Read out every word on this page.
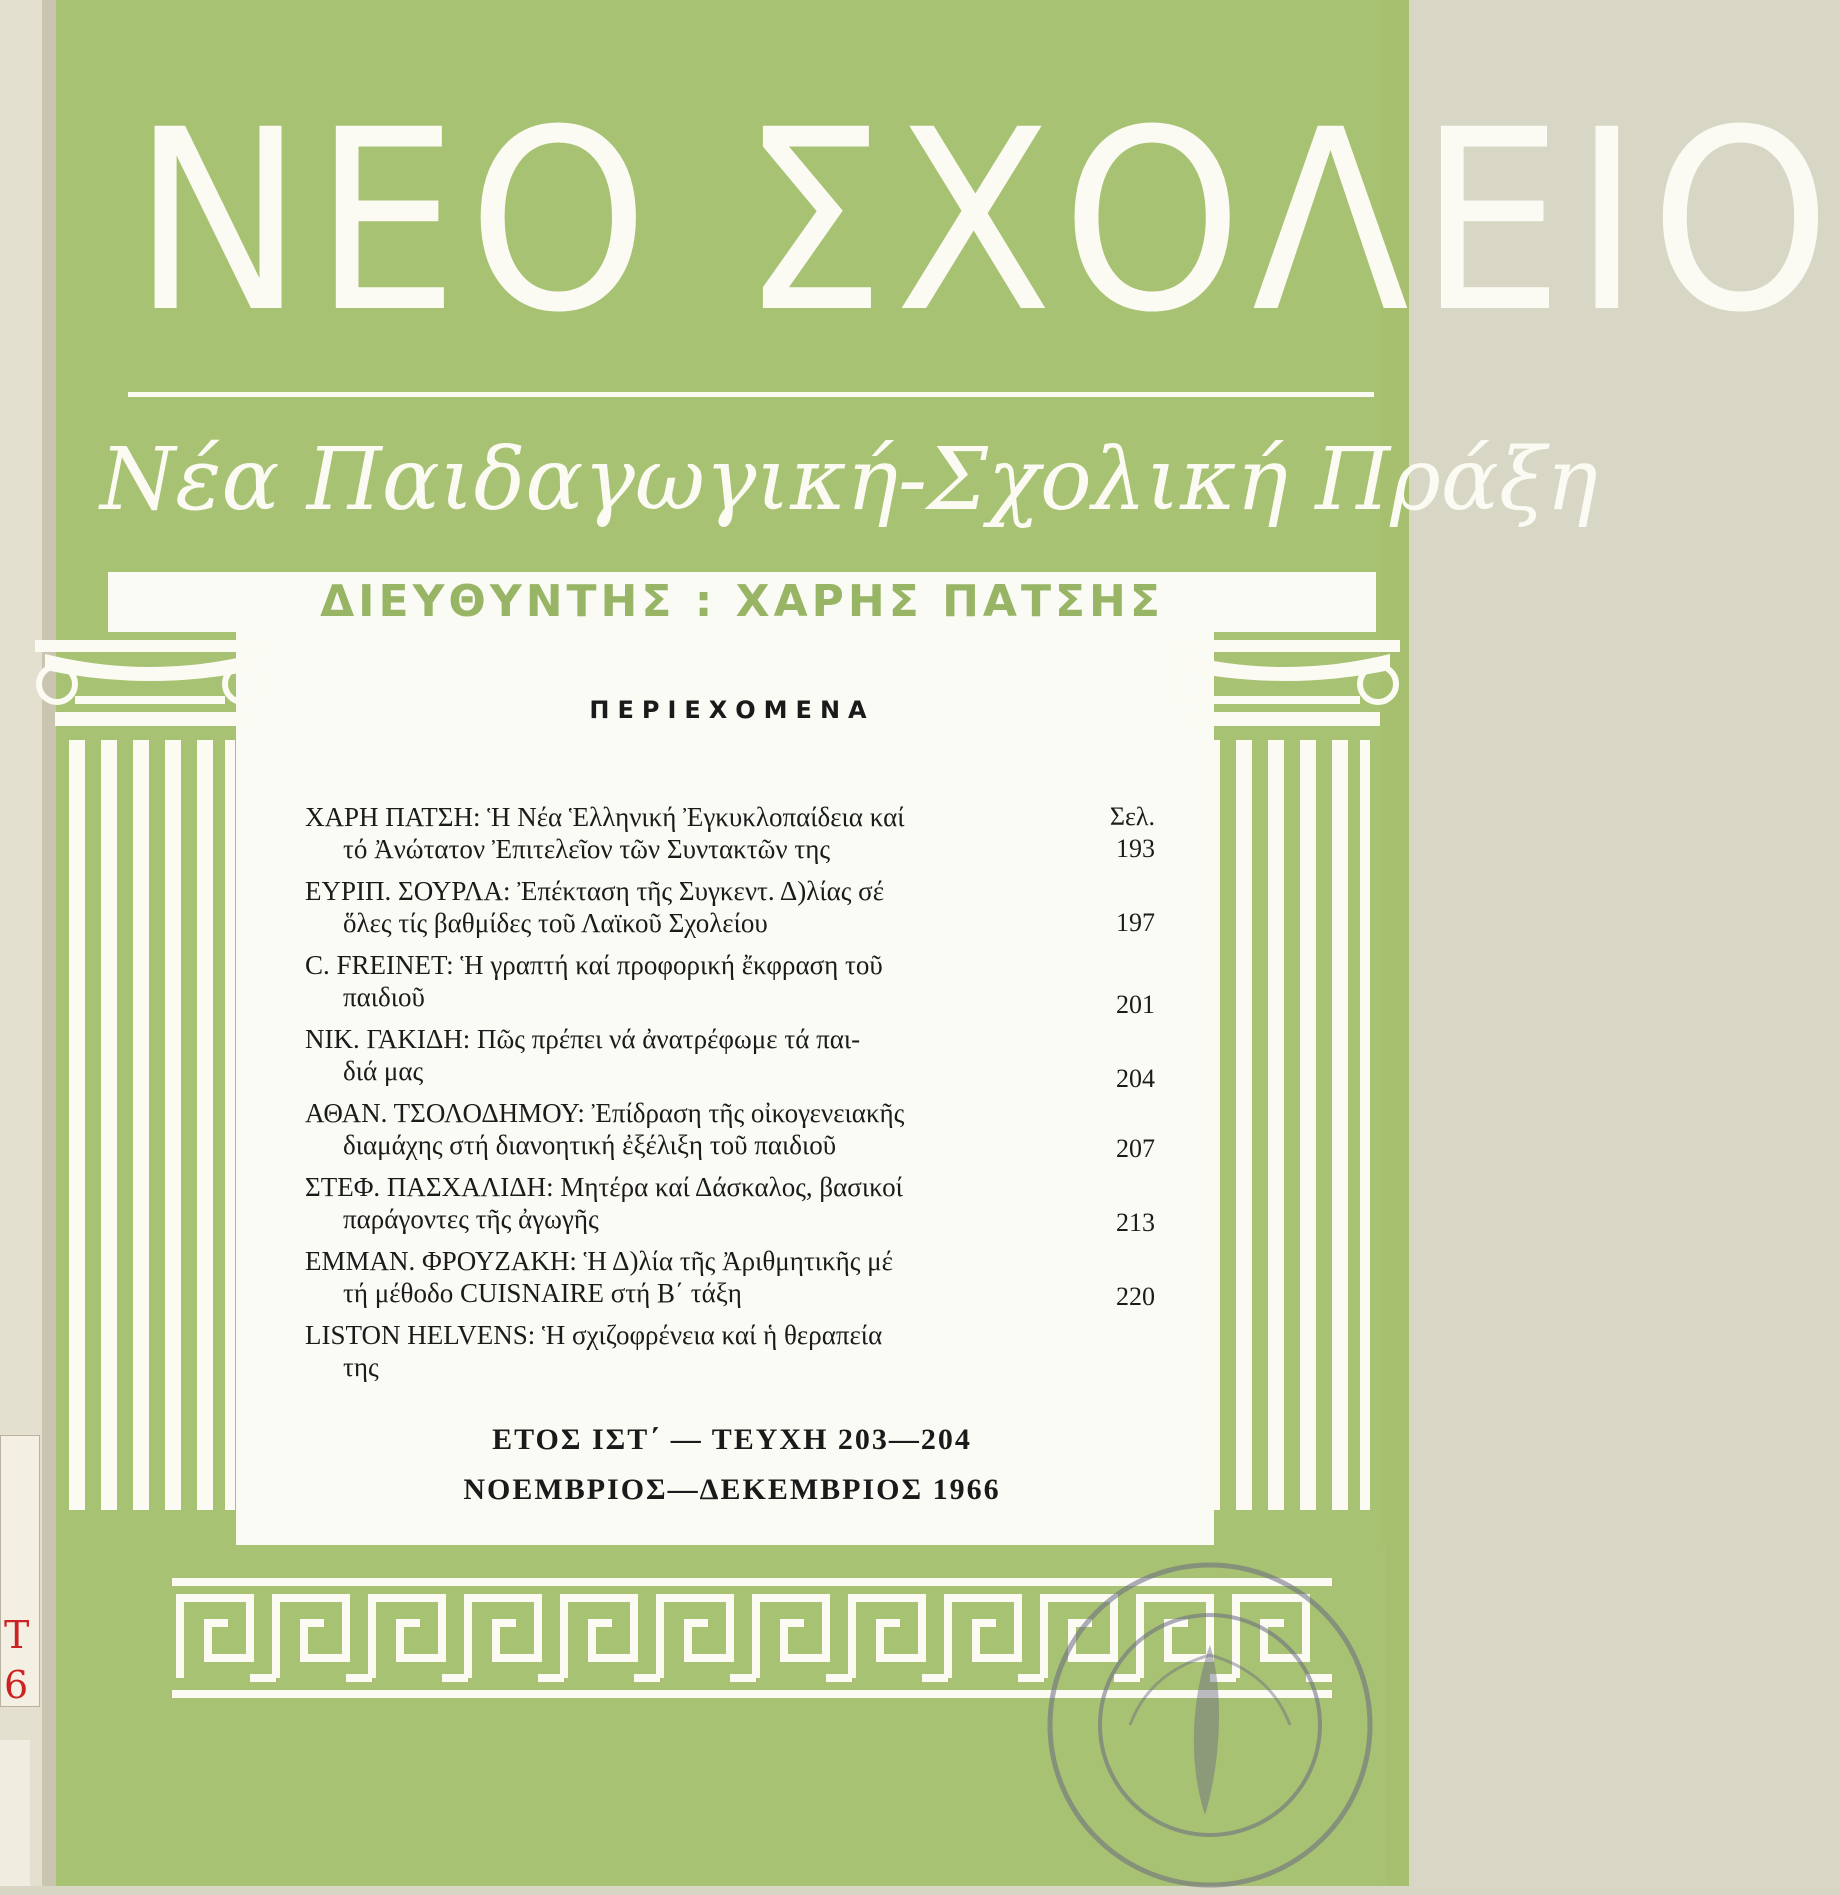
ΝΕΟ ΣΧΟΛΕΙΟ
Νέα Παιδαγωγική-Σχολική Πράξη
ΔΙΕΥΘΥΝΤΗΣ : ΧΑΡΗΣ ΠΑΤΣΗΣ
ΠΕΡΙΕΧΟΜΕΝΑ
Σελ.
ΧΑΡΗ ΠΑΤΣΗ: Ἡ Νέα Ἑλληνική Ἐγκυκλοπαίδεια καί
τό Ἀνώτατον Ἐπιτελεῖον τῶν Συντακτῶν της	193
ΕΥΡΙΠ. ΣΟΥΡΛΑ: Ἐπέκταση τῆς Συγκεντ. Δ)λίας σέ
ὅλες τίς βαθμίδες τοῦ Λαϊκοῦ Σχολείου	197
C. FREINET: Ἡ γραπτή καί προφορική ἔκφραση τοῦ
παιδιοῦ	201
ΝΙΚ. ΓΑΚΙΔΗ: Πῶς πρέπει νά ἀνατρέφωμε τά παι-
διά μας	204
ΑΘΑΝ. ΤΣΟΛΟΔΗΜΟΥ: Ἐπίδραση τῆς οἰκογενειακῆς
διαμάχης στή διανοητική ἐξέλιξη τοῦ παιδιοῦ	207
ΣΤΕΦ. ΠΑΣΧΑΛΙΔΗ: Μητέρα καί Δάσκαλος, βασικοί
παράγοντες τῆς ἀγωγῆς	213
ΕΜΜΑΝ. ΦΡΟΥΖΑΚΗ: Ἡ Δ)λία τῆς Ἀριθμητικῆς μέ
τή μέθοδο CUISNAIRE στή Β΄ τάξη	220
LISTON HELVENS: Ἡ σχιζοφρένεια καί ἡ θεραπεία
της
ΕΤΟΣ ΙΣΤ΄ — ΤΕΥΧΗ 203—204
ΝΟΕΜΒΡΙΟΣ—ΔΕΚΕΜΒΡΙΟΣ 1966
T
6
